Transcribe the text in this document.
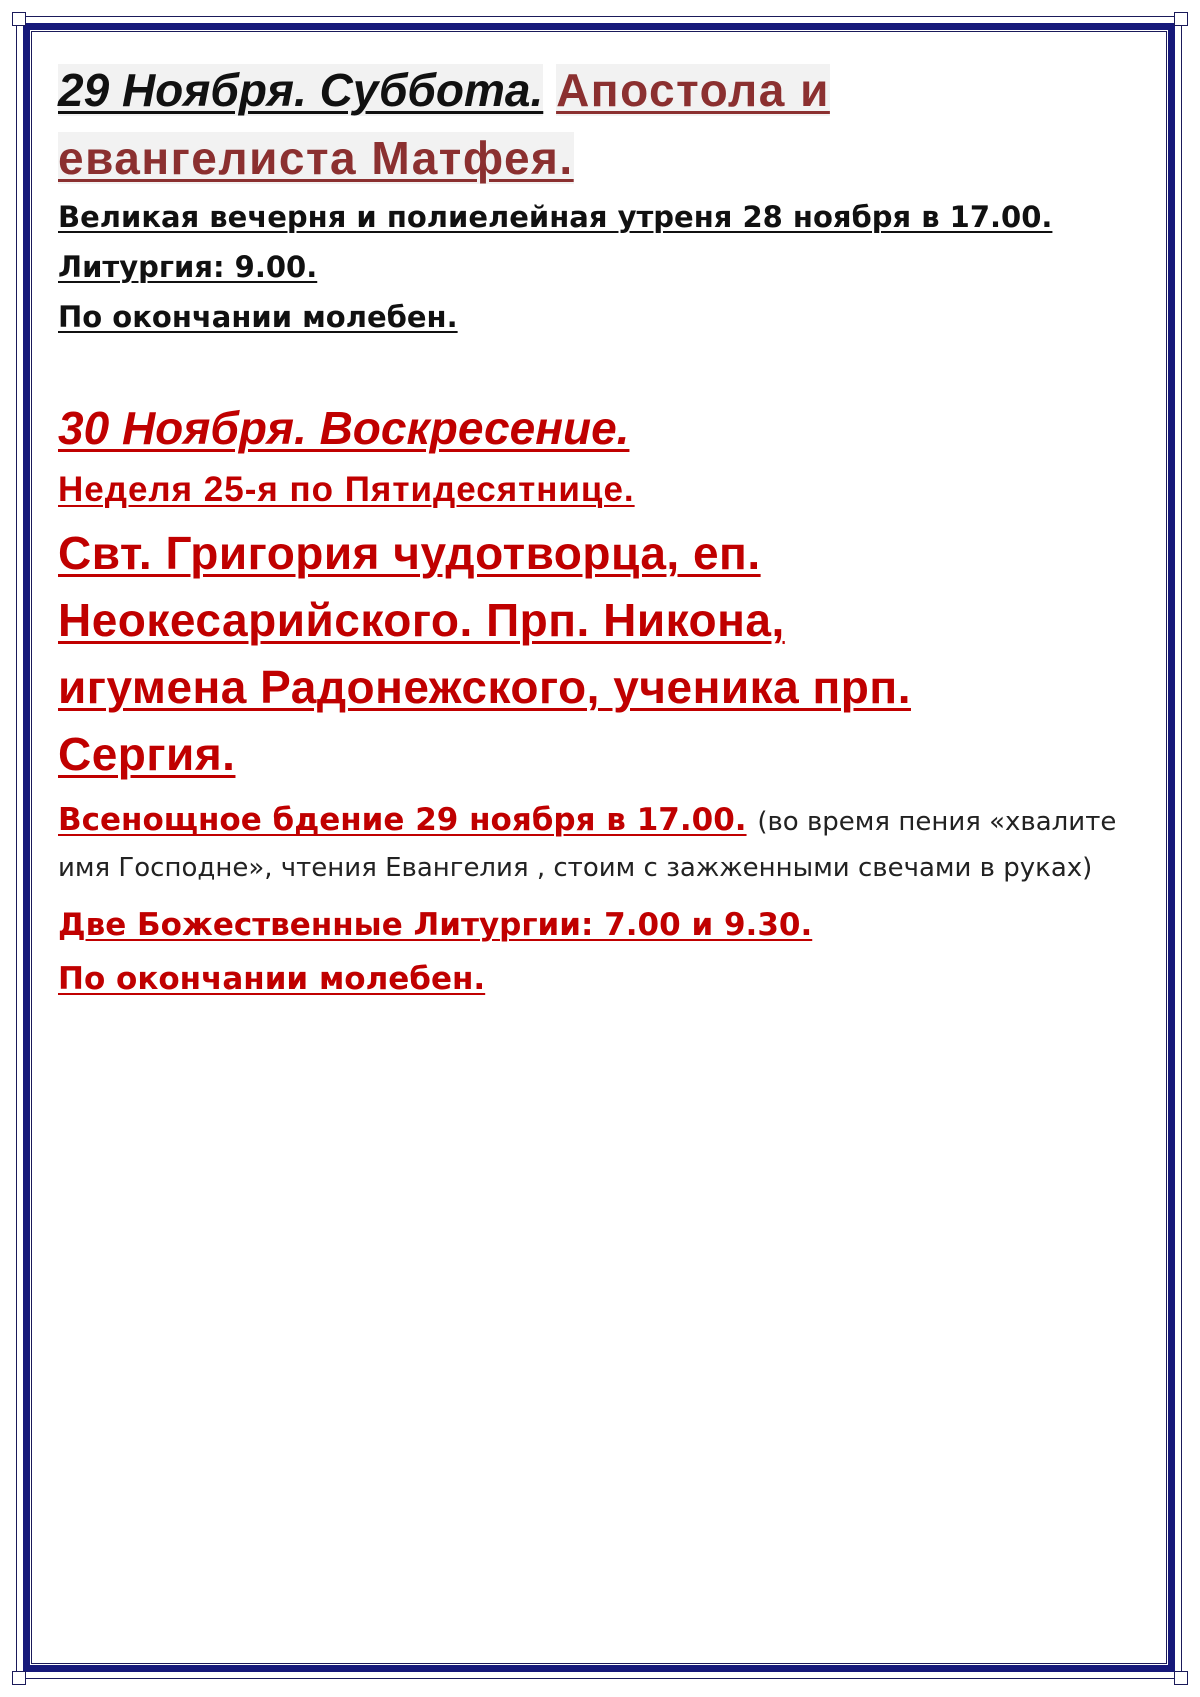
29 Ноября. Суббота. Апостола и евангелиста Матфея.
Великая вечерня и полиелейная утреня 28 ноября в 17.00.
Литургия: 9.00.
По окончании молебен.
30 Ноября. Воскресение.
Неделя 25-я по Пятидесятнице.
Свт. Григория чудотворца, еп.
Неокесарийского. Прп. Никона,
игумена Радонежского, ученика прп.
Сергия.
Всенощное бдение 29 ноября в 17.00. (во время пения «хвалите имя Господне», чтения Евангелия , стоим с зажженными свечами в руках)
Две Божественные Литургии: 7.00 и 9.30.
По окончании молебен.
